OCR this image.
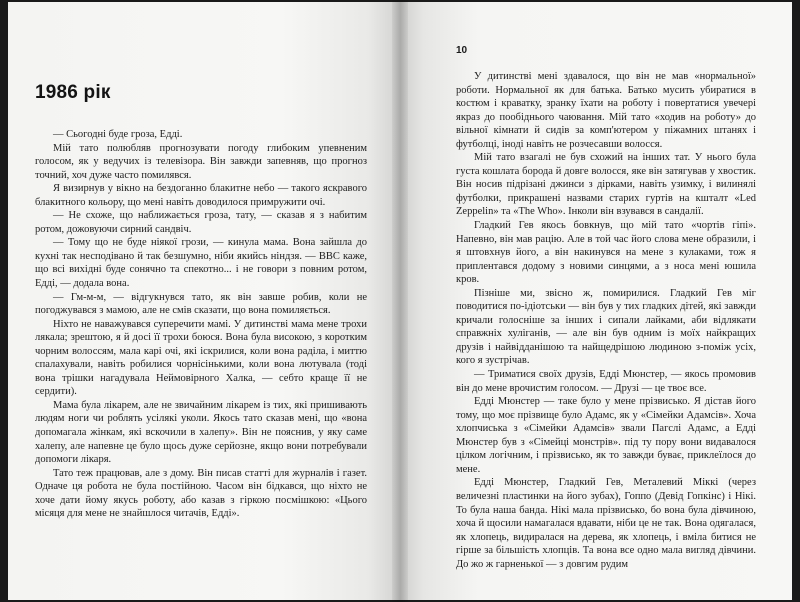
1986 рік

— Сьогодні буде гроза, Едді.

Мій тато полюбляв прогнозувати погоду глибоким упевненим голосом, як у ведучих із телевізора. Він завжди запевняв, що прогноз точний, хоч дуже часто помилявся.

Я визирнув у вікно на бездоганно блакитне небо — такого яскравого блакитного кольору, що мені навіть доводилося примружити очі.

— Не схоже, що наближається гроза, тату, — сказав я з набитим ротом, дожовуючи сирний сандвіч.

— Тому що не буде ніякої грози, — кинула мама. Вона зайшла до кухні так несподівано й так безшумно, ніби якийсь ніндзя. — BBC каже, що всі вихідні буде сонячно та спекотно... і не говори з повним ротом, Едді, — додала вона.

— Гм-м-м, — відгукнувся тато, як він завше робив, коли не погоджувався з мамою, але не смів сказати, що вона помиляється.

Ніхто не наважувався суперечити мамі. У дитинстві мама мене трохи лякала; зрештою, я й досі її трохи боюся. Вона була високою, з коротким чорним волоссям, мала карі очі, які іскрилися, коли вона раділа, і миттю спалахували, навіть робилися чорнісінькими, коли вона лютувала (тоді вона трішки нагадувала Неймовірного Халка, — себто краще її не сердити).

Мама була лікарем, але не звичайним лікарем із тих, які пришивають людям ноги чи роблять усілякі уколи. Якось тато сказав мені, що «вона допомагала жінкам, які вскочили в халепу». Він не пояснив, у яку саме халепу, але напевне це було щось дуже серйозне, якщо вони потребували допомоги лікаря.

Тато теж працював, але з дому. Він писав статті для журналів і газет. Одначе ця робота не була постійною. Часом він бідкався, що ніхто не хоче дати йому якусь роботу, або казав з гіркою посмішкою: «Цього місяця для мене не знайшлося читачів, Едді».

10

У дитинстві мені здавалося, що він не мав «нормальної» роботи. Нормальної як для батька. Батько мусить убиратися в костюм і краватку, зранку їхати на роботу і повертатися увечері якраз до пообіднього чаювання. Мій тато «ходив на роботу» до вільної кімнати й сидів за комп'ютером у піжамних штанях і футболці, іноді навіть не розчесавши волосся.

Мій тато взагалі не був схожий на інших тат. У нього була густа кошлата борода й довге волосся, яке він затягував у хвостик. Він носив підрізані джинси з дірками, навіть узимку, і вилинялі футболки, прикрашені назвами старих гуртів на кшталт «Led Zeppelin» та «The Who». Інколи він взувався в сандалії.

Гладкий Гев якось бовкнув, що мій тато «чортів гіпі». Напевно, він мав рацію. Але в той час його слова мене образили, і я штовхнув його, а він накинувся на мене з кулаками, тож я приплентався додому з новими синцями, а з носа мені юшила кров.

Пізніше ми, звісно ж, помирилися. Гладкий Гев міг поводитися по-ідіотськи — він був у тих гладких дітей, які завжди кричали голосніше за інших і сипали лайками, аби відлякати справжніх хуліганів, — але він був одним із моїх найкращих друзів і найвідданішою та найщедрішою людиною з-поміж усіх, кого я зустрічав.

— Триматися своїх друзів, Едді Мюнстер, — якось промовив він до мене врочистим голосом. — Друзі — це твоє все.

Едді Мюнстер — таке було у мене прізвисько. Я дістав його тому, що моє прізвище було Адамс, як у «Сімейки Адамсів». Хоча хлопчиська з «Сімейки Адамсів» звали Пагслі Адамс, а Едді Мюнстер був з «Сімейці монстрів». під ту пору вони видавалося цілком логічним, і прізвисько, як то завжди буває, приклеїлося до мене.

Едді Мюнстер, Гладкий Гев, Металевий Міккі (через величезні пластинки на його зубах), Гоппо (Девід Гопкінс) і Нікі. То була наша банда. Нікі мала прізвисько, бо вона була дівчиною, хоча й щосили намагалася вдавати, ніби це не так. Вона одягалася, як хлопець, видиралася на дерева, як хлопець, і вміла битися не гірше за більшість хлопців. Та вона все одно мала вигляд дівчини. До жо ж гарненької — з довгим рудим
